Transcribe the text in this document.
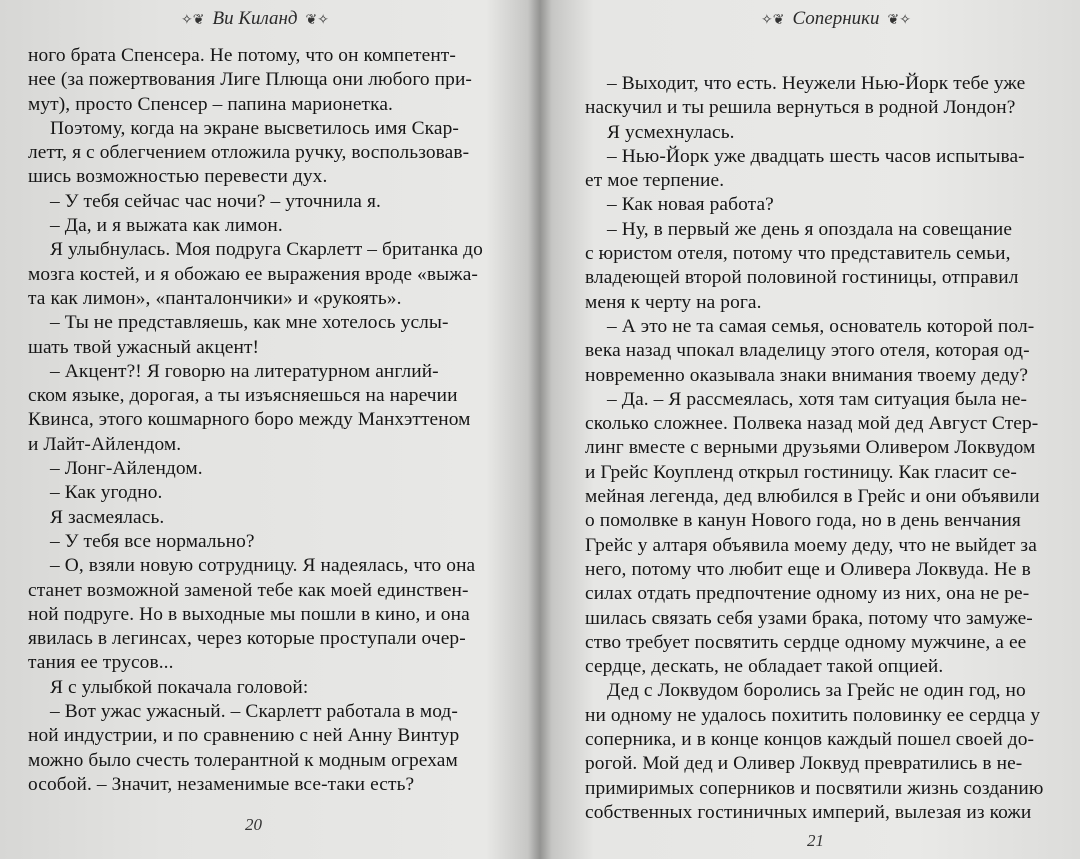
✧❦ Ви Киланд ❦✧
ного брата Спенсера. Не потому, что он компетент-
нее (за пожертвования Лиге Плюща они любого при-
мут), просто Спенсер – папина марионетка.
Поэтому, когда на экране высветилось имя Скар-
летт, я с облегчением отложила ручку, воспользовав-
шись возможностью перевести дух.
– У тебя сейчас час ночи? – уточнила я.
– Да, и я выжата как лимон.
Я улыбнулась. Моя подруга Скарлетт – британка до
мозга костей, и я обожаю ее выражения вроде «выжа-
та как лимон», «панталончики» и «рукоять».
– Ты не представляешь, как мне хотелось услы-
шать твой ужасный акцент!
– Акцент?! Я говорю на литературном англий-
ском языке, дорогая, а ты изъясняешься на наречии
Квинса, этого кошмарного боро между Манхэттеном
и Лайт-Айлендом.
– Лонг-Айлендом.
– Как угодно.
Я засмеялась.
– У тебя все нормально?
– О, взяли новую сотрудницу. Я надеялась, что она
станет возможной заменой тебе как моей единствен-
ной подруге. Но в выходные мы пошли в кино, и она
явилась в легинсах, через которые проступали очер-
тания ее трусов...
Я с улыбкой покачала головой:
– Вот ужас ужасный. – Скарлетт работала в мод-
ной индустрии, и по сравнению с ней Анну Винтур
можно было счесть толерантной к модным огрехам
особой. – Значит, незаменимые все-таки есть?
20
✧❦ Соперники ❦✧
– Выходит, что есть. Неужели Нью-Йорк тебе уже
наскучил и ты решила вернуться в родной Лондон?
Я усмехнулась.
– Нью-Йорк уже двадцать шесть часов испытыва-
ет мое терпение.
– Как новая работа?
– Ну, в первый же день я опоздала на совещание
с юристом отеля, потому что представитель семьи,
владеющей второй половиной гостиницы, отправил
меня к черту на рога.
– А это не та самая семья, основатель которой пол-
века назад чпокал владелицу этого отеля, которая од-
новременно оказывала знаки внимания твоему деду?
– Да. – Я рассмеялась, хотя там ситуация была не-
сколько сложнее. Полвека назад мой дед Август Стер-
линг вместе с верными друзьями Оливером Локвудом
и Грейс Коупленд открыл гостиницу. Как гласит се-
мейная легенда, дед влюбился в Грейс и они объявили
о помолвке в канун Нового года, но в день венчания
Грейс у алтаря объявила моему деду, что не выйдет за
него, потому что любит еще и Оливера Локвуда. Не в
силах отдать предпочтение одному из них, она не ре-
шилась связать себя узами брака, потому что замуже-
ство требует посвятить сердце одному мужчине, а ее
сердце, дескать, не обладает такой опцией.
Дед с Локвудом боролись за Грейс не один год, но
ни одному не удалось похитить половинку ее сердца у
соперника, и в конце концов каждый пошел своей до-
рогой. Мой дед и Оливер Локвуд превратились в не-
примиримых соперников и посвятили жизнь созданию
собственных гостиничных империй, вылезая из кожи
21
